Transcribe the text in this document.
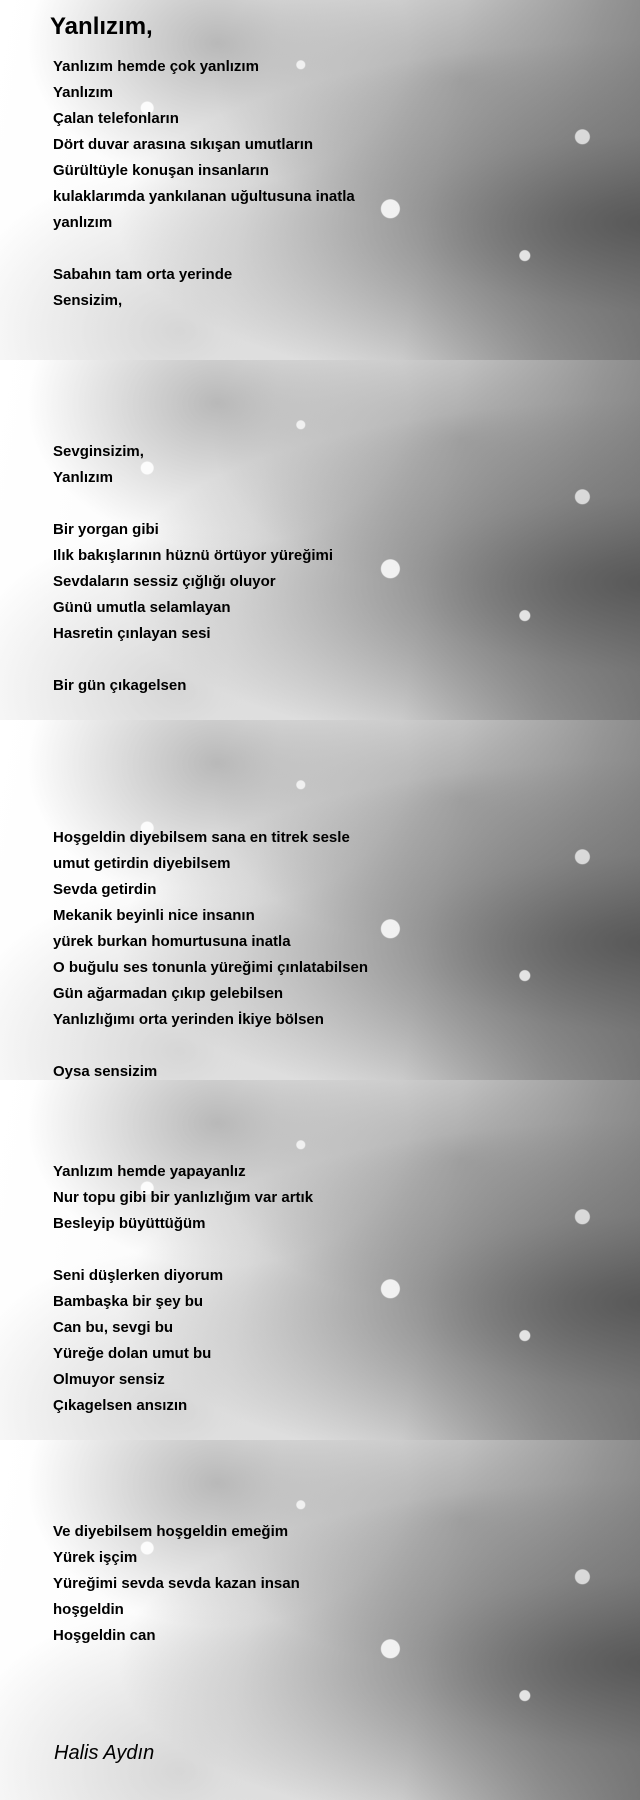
Yanlızım,
Yanlızım hemde çok yanlızım
Yanlızım
Çalan telefonların
Dört duvar arasına sıkışan umutların
Gürültüyle konuşan insanların
kulaklarımda yankılanan uğultusuna inatla
yanlızım
Sabahın tam orta yerinde
Sensizim,
Sevginsizim,
Yanlızım
Bir yorgan gibi
Ilık bakışlarının hüznü örtüyor yüreğimi
Sevdaların sessiz çığlığı oluyor
Günü umutla selamlayan
Hasretin çınlayan sesi
Bir gün çıkagelsen
Hoşgeldin diyebilsem sana en titrek sesle
umut getirdin diyebilsem
Sevda getirdin
Mekanik beyinli nice insanın
yürek burkan homurtusuna inatla
O buğulu ses tonunla yüreğimi çınlatabilsen
Gün ağarmadan çıkıp gelebilsen
Yanlızlığımı orta yerinden İkiye bölsen
Oysa sensizim
Yanlızım hemde yapayanlız
Nur topu gibi bir yanlızlığım var artık
Besleyip büyüttüğüm
Seni düşlerken diyorum
Bambaşka bir şey bu
Can bu, sevgi bu
Yüreğe dolan umut bu
Olmuyor sensiz
Çıkagelsen ansızın
Ve diyebilsem hoşgeldin emeğim
Yürek işçim
Yüreğimi sevda sevda kazan insan
hoşgeldin
Hoşgeldin can

Halis Aydın
